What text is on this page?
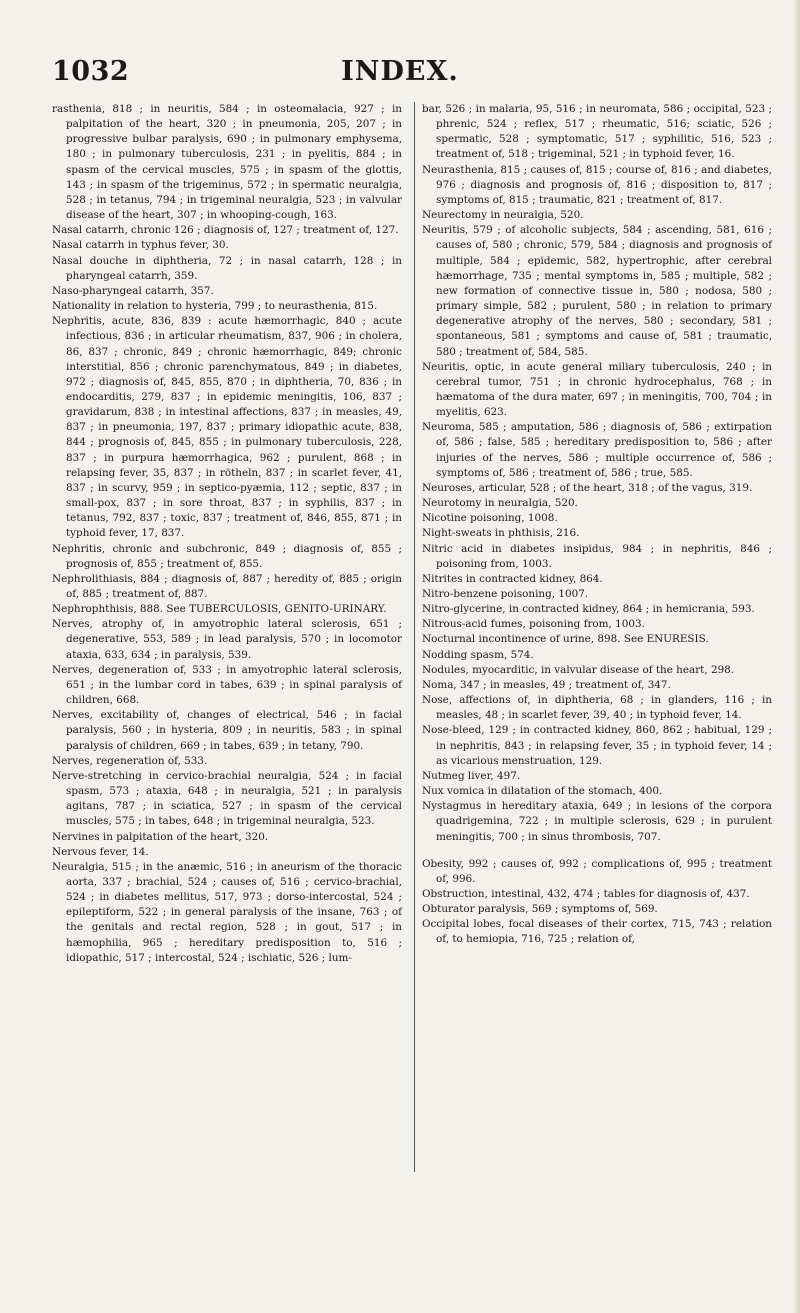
1032	INDEX.

rasthenia, 818 ; in neuritis, 584 ; in osteomalacia, 927 ; in palpitation of the heart, 320 ; in pneumonia, 205, 207 ; in progressive bulbar paralysis, 690 ; in pulmonary emphysema, 180 ; in pulmonary tuberculosis, 231 ; in pyelitis, 884 ; in spasm of the cervical muscles, 575 ; in spasm of the glottis, 143 ; in spasm of the trigeminus, 572 ; in spermatic neuralgia, 528 ; in tetanus, 794 ; in trigeminal neuralgia, 523 ; in valvular disease of the heart, 307 ; in whooping-cough, 163.

Nasal catarrh, chronic 126 ; diagnosis of, 127 ; treatment of, 127.

Nasal catarrh in typhus fever, 30.

Nasal douche in diphtheria, 72 ; in nasal catarrh, 128 ; in pharyngeal catarrh, 359.

Naso-pharyngeal catarrh, 357.

Nationality in relation to hysteria, 799 ; to neurasthenia, 815.

Nephritis, acute, 836, 839 : acute hæmorrhagic, 840 ; acute infectious, 836 ; in articular rheumatism, 837, 906 ; in cholera, 86, 837 ; chronic, 849 ; chronic hæmorrhagic, 849; chronic interstitial, 856 ; chronic parenchymatous, 849 ; in diabetes, 972 ; diagnosis of, 845, 855, 870 ; in diphtheria, 70, 836 ; in endocarditis, 279, 837 ; in epidemic meningitis, 106, 837 ; gravidarum, 838 ; in intestinal affections, 837 ; in measles, 49, 837 ; in pneumonia, 197, 837 ; primary idiopathic acute, 838, 844 ; prognosis of, 845, 855 ; in pulmonary tuberculosis, 228, 837 ; in purpura hæmorrhagica, 962 ; purulent, 868 ; in relapsing fever, 35, 837 ; in rötheln, 837 ; in scarlet fever, 41, 837 ; in scurvy, 959 ; in septico-pyæmia, 112 ; septic, 837 ; in small-pox, 837 ; in sore throat, 837 ; in syphilis, 837 ; in tetanus, 792, 837 ; toxic, 837 ; treatment of, 846, 855, 871 ; in typhoid fever, 17, 837.

Nephritis, chronic and subchronic, 849 ; diagnosis of, 855 ; prognosis of, 855 ; treatment of, 855.

Nephrolithiasis, 884 ; diagnosis of, 887 ; heredity of, 885 ; origin of, 885 ; treatment of, 887.

Nephrophthisis, 888. See TUBERCULOSIS, GENITO-URINARY.

Nerves, atrophy of, in amyotrophic lateral sclerosis, 651 ; degenerative, 553, 589 ; in lead paralysis, 570 ; in locomotor ataxia, 633, 634 ; in paralysis, 539.

Nerves, degeneration of, 533 ; in amyotrophic lateral sclerosis, 651 ; in the lumbar cord in tabes, 639 ; in spinal paralysis of children, 668.

Nerves, excitability of, changes of electrical, 546 ; in facial paralysis, 560 ; in hysteria, 809 ; in neuritis, 583 ; in spinal paralysis of children, 669 ; in tabes, 639 ; in tetany, 790.

Nerves, regeneration of, 533.

Nerve-stretching in cervico-brachial neuralgia, 524 ; in facial spasm, 573 ; ataxia, 648 ; in neuralgia, 521 ; in paralysis agitans, 787 ; in sciatica, 527 ; in spasm of the cervical muscles, 575 ; in tabes, 648 ; in trigeminal neuralgia, 523.

Nervines in palpitation of the heart, 320.

Nervous fever, 14.

Neuralgia, 515 ; in the anæmic, 516 ; in aneurism of the thoracic aorta, 337 ; brachial, 524 ; causes of, 516 ; cervico-brachial, 524 ; in diabetes mellitus, 517, 973 ; dorso-intercostal, 524 ; epileptiform, 522 ; in general paralysis of the insane, 763 ; of the genitals and rectal region, 528 ; in gout, 517 ; in hæmophilia, 965 ; hereditary predisposition to, 516 ; idiopathic, 517 ; intercostal, 524 ; ischiatic, 526 ; lum-

bar, 526 ; in malaria, 95, 516 ; in neuromata, 586 ; occipital, 523 ; phrenic, 524 ; reflex, 517 ; rheumatic, 516; sciatic, 526 ; spermatic, 528 ; symptomatic, 517 ; syphilitic, 516, 523 ; treatment of, 518 ; trigeminal, 521 ; in typhoid fever, 16.

Neurasthenia, 815 ; causes of, 815 ; course of, 816 ; and diabetes, 976 ; diagnosis and prognosis of, 816 ; disposition to, 817 ; symptoms of, 815 ; traumatic, 821 ; treatment of, 817.

Neurectomy in neuralgia, 520.

Neuritis, 579 ; of alcoholic subjects, 584 ; ascending, 581, 616 ; causes of, 580 ; chronic, 579, 584 ; diagnosis and prognosis of multiple, 584 ; epidemic, 582, hypertrophic, after cerebral hæmorrhage, 735 ; mental symptoms in, 585 ; multiple, 582 ; new formation of connective tissue in, 580 ; nodosa, 580 ; primary simple, 582 ; purulent, 580 ; in relation to primary degenerative atrophy of the nerves, 580 ; secondary, 581 ; spontaneous, 581 ; symptoms and cause of, 581 ; traumatic, 580 ; treatment of, 584, 585.

Neuritis, optic, in acute general miliary tuberculosis, 240 ; in cerebral tumor, 751 ; in chronic hydrocephalus, 768 ; in hæmatoma of the dura mater, 697 ; in meningitis, 700, 704 ; in myelitis, 623.

Neuroma, 585 ; amputation, 586 ; diagnosis of, 586 ; extirpation of, 586 ; false, 585 ; hereditary predisposition to, 586 ; after injuries of the nerves, 586 ; multiple occurrence of, 586 ; symptoms of, 586 ; treatment of, 586 ; true, 585.

Neuroses, articular, 528 ; of the heart, 318 ; of the vagus, 319.

Neurotomy in neuralgia, 520.

Nicotine poisoning, 1008.

Night-sweats in phthisis, 216.

Nitric acid in diabetes insipidus, 984 ; in nephritis, 846 ; poisoning from, 1003.

Nitrites in contracted kidney, 864.

Nitro-benzene poisoning, 1007.

Nitro-glycerine, in contracted kidney, 864 ; in hemicrania, 593.

Nitrous-acid fumes, poisoning from, 1003.

Nocturnal incontinence of urine, 898. See ENURESIS.

Nodding spasm, 574.

Nodules, myocarditic, in valvular disease of the heart, 298.

Noma, 347 ; in measles, 49 ; treatment of, 347.

Nose, affections of, in diphtheria, 68 ; in glanders, 116 ; in measles, 48 ; in scarlet fever, 39, 40 ; in typhoid fever, 14.

Nose-bleed, 129 ; in contracted kidney, 860, 862 ; habitual, 129 ; in nephritis, 843 ; in relapsing fever, 35 ; in typhoid fever, 14 ; as vicarious menstruation, 129.

Nutmeg liver, 497.

Nux vomica in dilatation of the stomach, 400.

Nystagmus in hereditary ataxia, 649 ; in lesions of the corpora quadrigemina, 722 ; in multiple sclerosis, 629 ; in purulent meningitis, 700 ; in sinus thrombosis, 707.

Obesity, 992 ; causes of, 992 ; complications of, 995 ; treatment of, 996.

Obstruction, intestinal, 432, 474 ; tables for diagnosis of, 437.

Obturator paralysis, 569 ; symptoms of, 569.

Occipital lobes, focal diseases of their cortex, 715, 743 ; relation of, to hemiopia, 716, 725 ; relation of,
